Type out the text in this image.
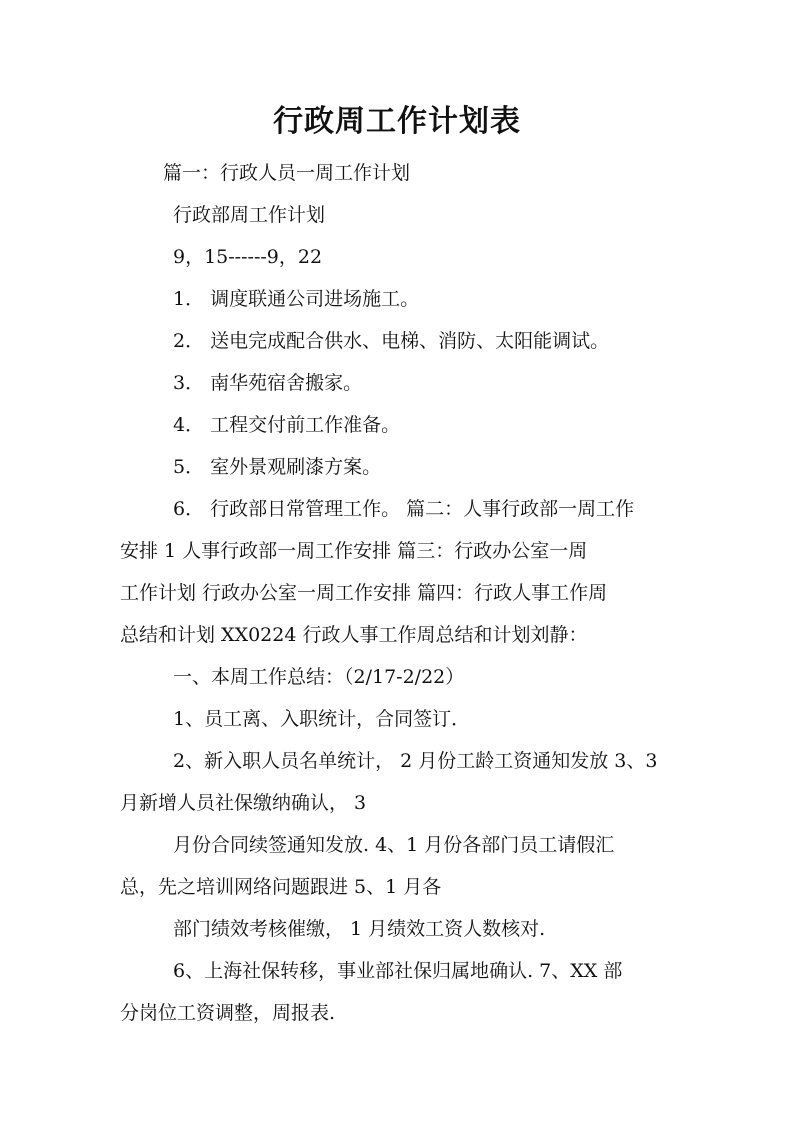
行政周工作计划表

篇一：行政人员一周工作计划

行政部周工作计划

9，15------9，22

1． 调度联通公司进场施工。

2． 送电完成配合供水、电梯、消防、太阳能调试。

3． 南华苑宿舍搬家。

4． 工程交付前工作准备。

5． 室外景观刷漆方案。

6． 行政部日常管理工作。 篇二：人事行政部一周工作

安排 1 人事行政部一周工作安排 篇三：行政办公室一周

工作计划 行政办公室一周工作安排 篇四：行政人事工作周

总结和计划 XX0224 行政人事工作周总结和计划刘静：

一、本周工作总结：（2/17-2/22）

1、员工离、入职统计，合同签订．

2、新入职人员名单统计， 2 月份工龄工资通知发放 3、3

月新增人员社保缴纳确认， 3

月份合同续签通知发放. 4、1 月份各部门员工请假汇

总，先之培训网络问题跟进 5、1 月各

部门绩效考核催缴， 1 月绩效工资人数核对.

6、上海社保转移，事业部社保归属地确认. 7、XX 部

分岗位工资调整，周报表.
